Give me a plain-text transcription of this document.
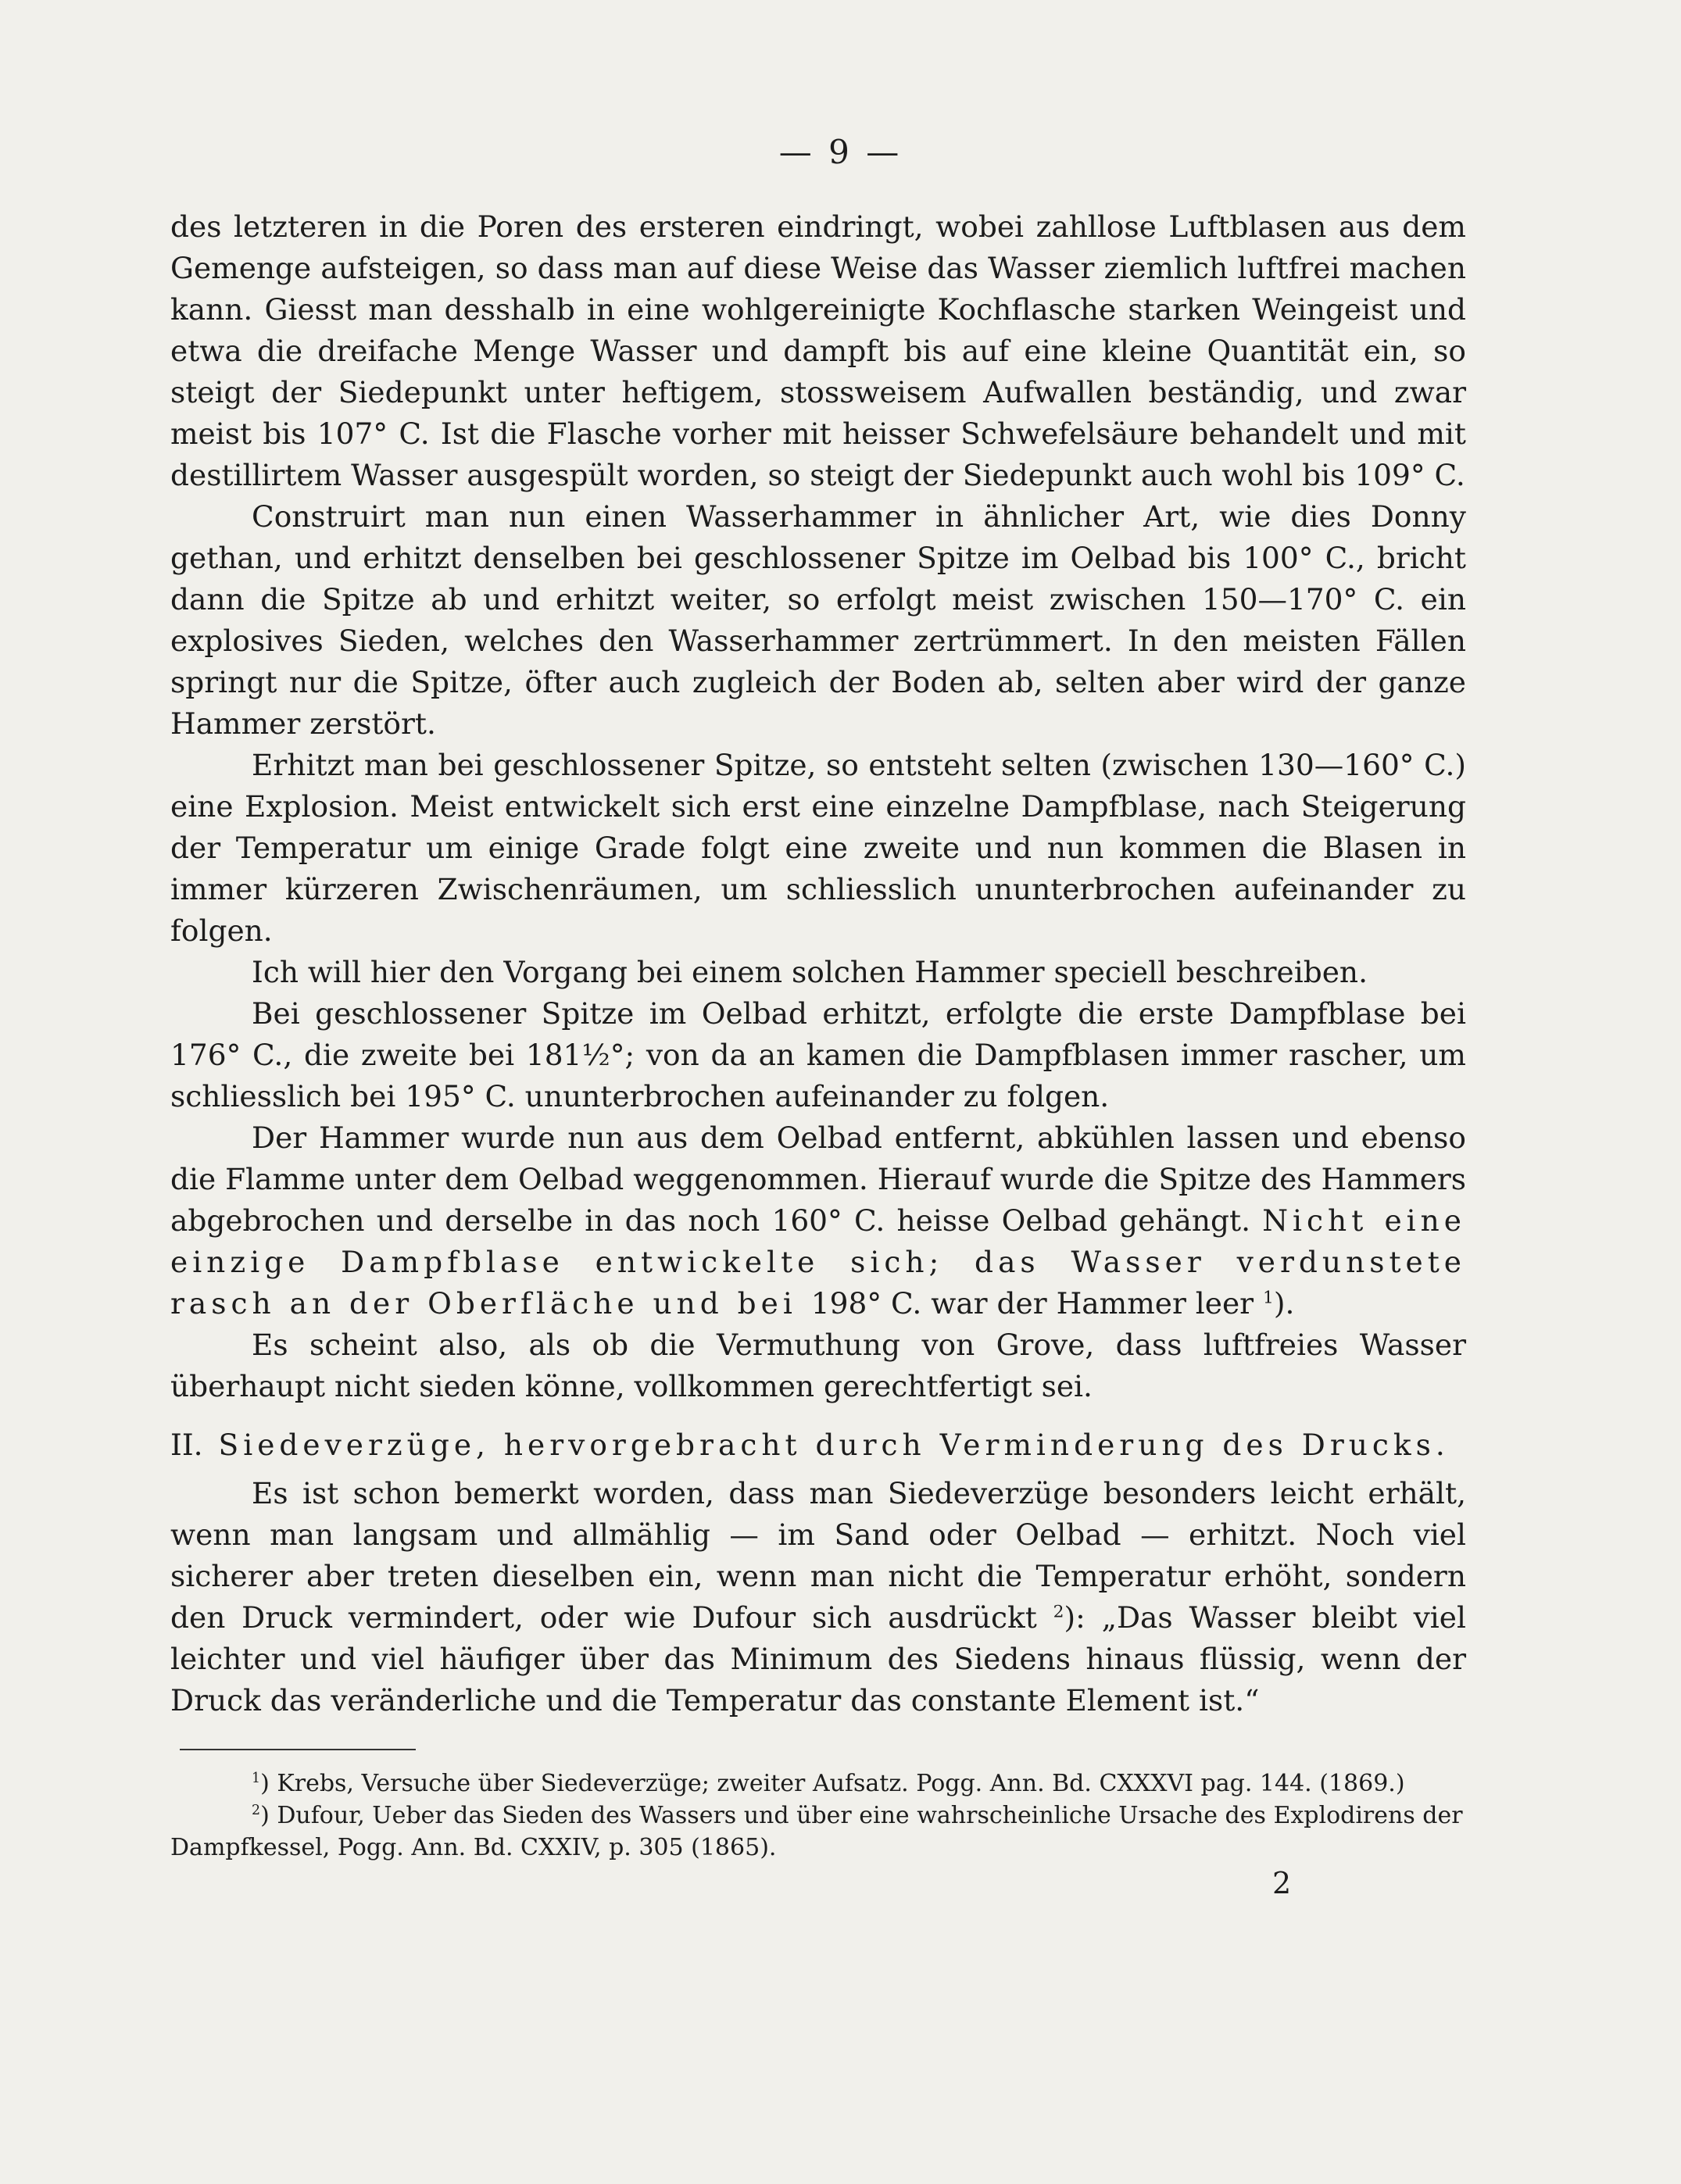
— 9 —

des letzteren in die Poren des ersteren eindringt, wobei zahllose Luftblasen aus dem Gemenge aufsteigen, so dass man auf diese Weise das Wasser ziemlich luftfrei machen kann. Giesst man desshalb in eine wohlgereinigte Kochflasche starken Weingeist und etwa die dreifache Menge Wasser und dampft bis auf eine kleine Quantität ein, so steigt der Siedepunkt unter heftigem, stossweisem Aufwallen beständig, und zwar meist bis 107° C. Ist die Flasche vorher mit heisser Schwefelsäure behandelt und mit destillirtem Wasser ausgespült worden, so steigt der Siedepunkt auch wohl bis 109° C.

Construirt man nun einen Wasserhammer in ähnlicher Art, wie dies Donny gethan, und erhitzt denselben bei geschlossener Spitze im Oelbad bis 100° C., bricht dann die Spitze ab und erhitzt weiter, so erfolgt meist zwischen 150—170° C. ein explosives Sieden, welches den Wasserhammer zertrümmert. In den meisten Fällen springt nur die Spitze, öfter auch zugleich der Boden ab, selten aber wird der ganze Hammer zerstört.

Erhitzt man bei geschlossener Spitze, so entsteht selten (zwischen 130—160° C.) eine Explosion. Meist entwickelt sich erst eine einzelne Dampfblase, nach Steigerung der Temperatur um einige Grade folgt eine zweite und nun kommen die Blasen in immer kürzeren Zwischenräumen, um schliesslich ununterbrochen aufeinander zu folgen.

Ich will hier den Vorgang bei einem solchen Hammer speciell beschreiben.

Bei geschlossener Spitze im Oelbad erhitzt, erfolgte die erste Dampfblase bei 176° C., die zweite bei 181½°; von da an kamen die Dampfblasen immer rascher, um schliesslich bei 195° C. ununterbrochen aufeinander zu folgen.

Der Hammer wurde nun aus dem Oelbad entfernt, abkühlen lassen und ebenso die Flamme unter dem Oelbad weggenommen. Hierauf wurde die Spitze des Hammers abgebrochen und derselbe in das noch 160° C. heisse Oelbad gehängt. Nicht eine einzige Dampfblase entwickelte sich; das Wasser verdunstete rasch an der Oberfläche und bei 198° C. war der Hammer leer $^1$).

Es scheint also, als ob die Vermuthung von Grove, dass luftfreies Wasser überhaupt nicht sieden könne, vollkommen gerechtfertigt sei.

II. Siedeverzüge, hervorgebracht durch Verminderung des Drucks.

Es ist schon bemerkt worden, dass man Siedeverzüge besonders leicht erhält, wenn man langsam und allmählig — im Sand oder Oelbad — erhitzt. Noch viel sicherer aber treten dieselben ein, wenn man nicht die Temperatur erhöht, sondern den Druck vermindert, oder wie Dufour sich ausdrückt $^2$): „Das Wasser bleibt viel leichter und viel häufiger über das Minimum des Siedens hinaus flüssig, wenn der Druck das veränderliche und die Temperatur das constante Element ist.“

$^1$) Krebs, Versuche über Siedeverzüge; zweiter Aufsatz. Pogg. Ann. Bd. CXXXVI pag. 144. (1869.)

$^2$) Dufour, Ueber das Sieden des Wassers und über eine wahrscheinliche Ursache des Explodirens der Dampfkessel, Pogg. Ann. Bd. CXXIV, p. 305 (1865).

2
